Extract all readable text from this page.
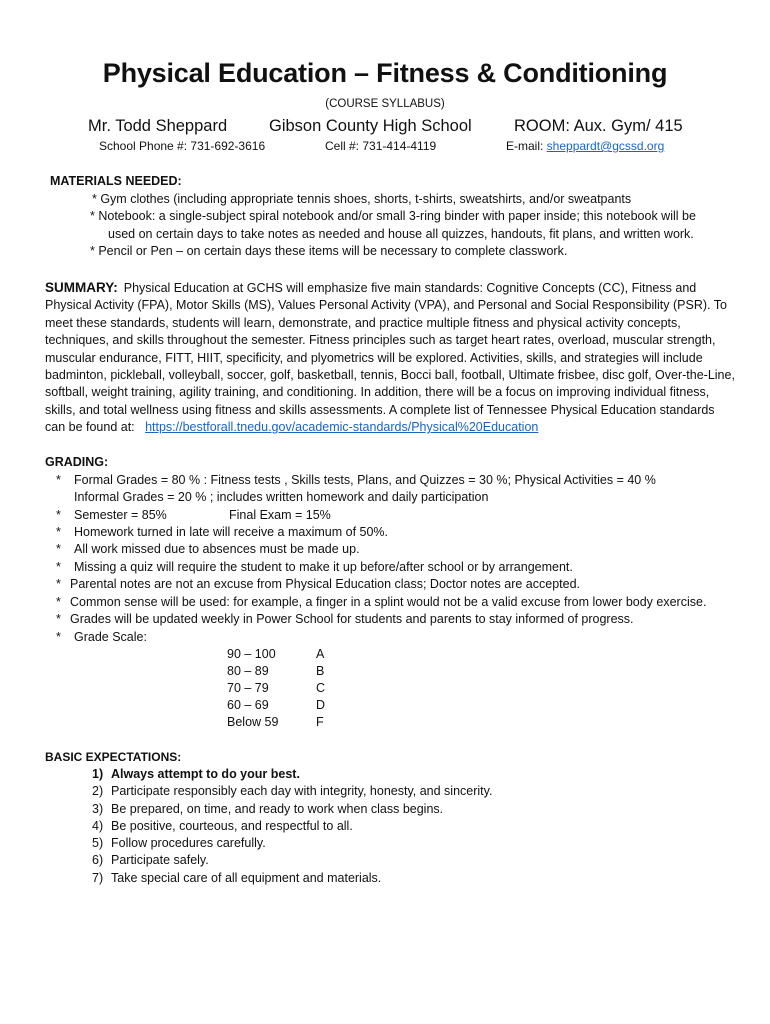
Physical Education – Fitness & Conditioning
(COURSE SYLLABUS)
Mr. Todd Sheppard	Gibson County High School	ROOM: Aux. Gym/ 415
School Phone #: 731-692-3616	Cell #: 731-414-4119	E-mail: sheppardt@gcssd.org
MATERIALS NEEDED:
* Gym clothes (including appropriate tennis shoes, shorts, t-shirts, sweatshirts, and/or sweatpants
* Notebook: a single-subject spiral notebook and/or small 3-ring binder with paper inside; this notebook will be
used on certain days to take notes as needed and house all quizzes, handouts, fit plans, and written work.
* Pencil or Pen – on certain days these items will be necessary to complete classwork.
SUMMARY: Physical Education at GCHS will emphasize five main standards: Cognitive Concepts (CC), Fitness and Physical Activity (FPA), Motor Skills (MS), Values Personal Activity (VPA), and Personal and Social Responsibility (PSR). To meet these standards, students will learn, demonstrate, and practice multiple fitness and physical activity concepts, techniques, and skills throughout the semester. Fitness principles such as target heart rates, overload, muscular strength, muscular endurance, FITT, HIIT, specificity, and plyometrics will be explored. Activities, skills, and strategies will include badminton, pickleball, volleyball, soccer, golf, basketball, tennis, Bocci ball, football, Ultimate frisbee, disc golf, Over-the-Line, softball, weight training, agility training, and conditioning. In addition, there will be a focus on improving individual fitness, skills, and total wellness using fitness and skills assessments. A complete list of Tennessee Physical Education standards can be found at: https://bestforall.tnedu.gov/academic-standards/Physical%20Education
GRADING:
* Formal Grades = 80 % : Fitness tests , Skills tests, Plans, and Quizzes = 30 %; Physical Activities = 40 %
Informal Grades = 20 % ; includes written homework and daily participation
* Semester = 85%	Final Exam = 15%
* Homework turned in late will receive a maximum of 50%.
* All work missed due to absences must be made up.
* Missing a quiz will require the student to make it up before/after school or by arrangement.
* Parental notes are not an excuse from Physical Education class; Doctor notes are accepted.
* Common sense will be used: for example, a finger in a splint would not be a valid excuse from lower body exercise.
* Grades will be updated weekly in Power School for students and parents to stay informed of progress.
* Grade Scale:
90 – 100	A
80 – 89	B
70 – 79	C
60 – 69	D
Below 59	F
BASIC EXPECTATIONS:
1) Always attempt to do your best.
2) Participate responsibly each day with integrity, honesty, and sincerity.
3) Be prepared, on time, and ready to work when class begins.
4) Be positive, courteous, and respectful to all.
5) Follow procedures carefully.
6) Participate safely.
7) Take special care of all equipment and materials.
